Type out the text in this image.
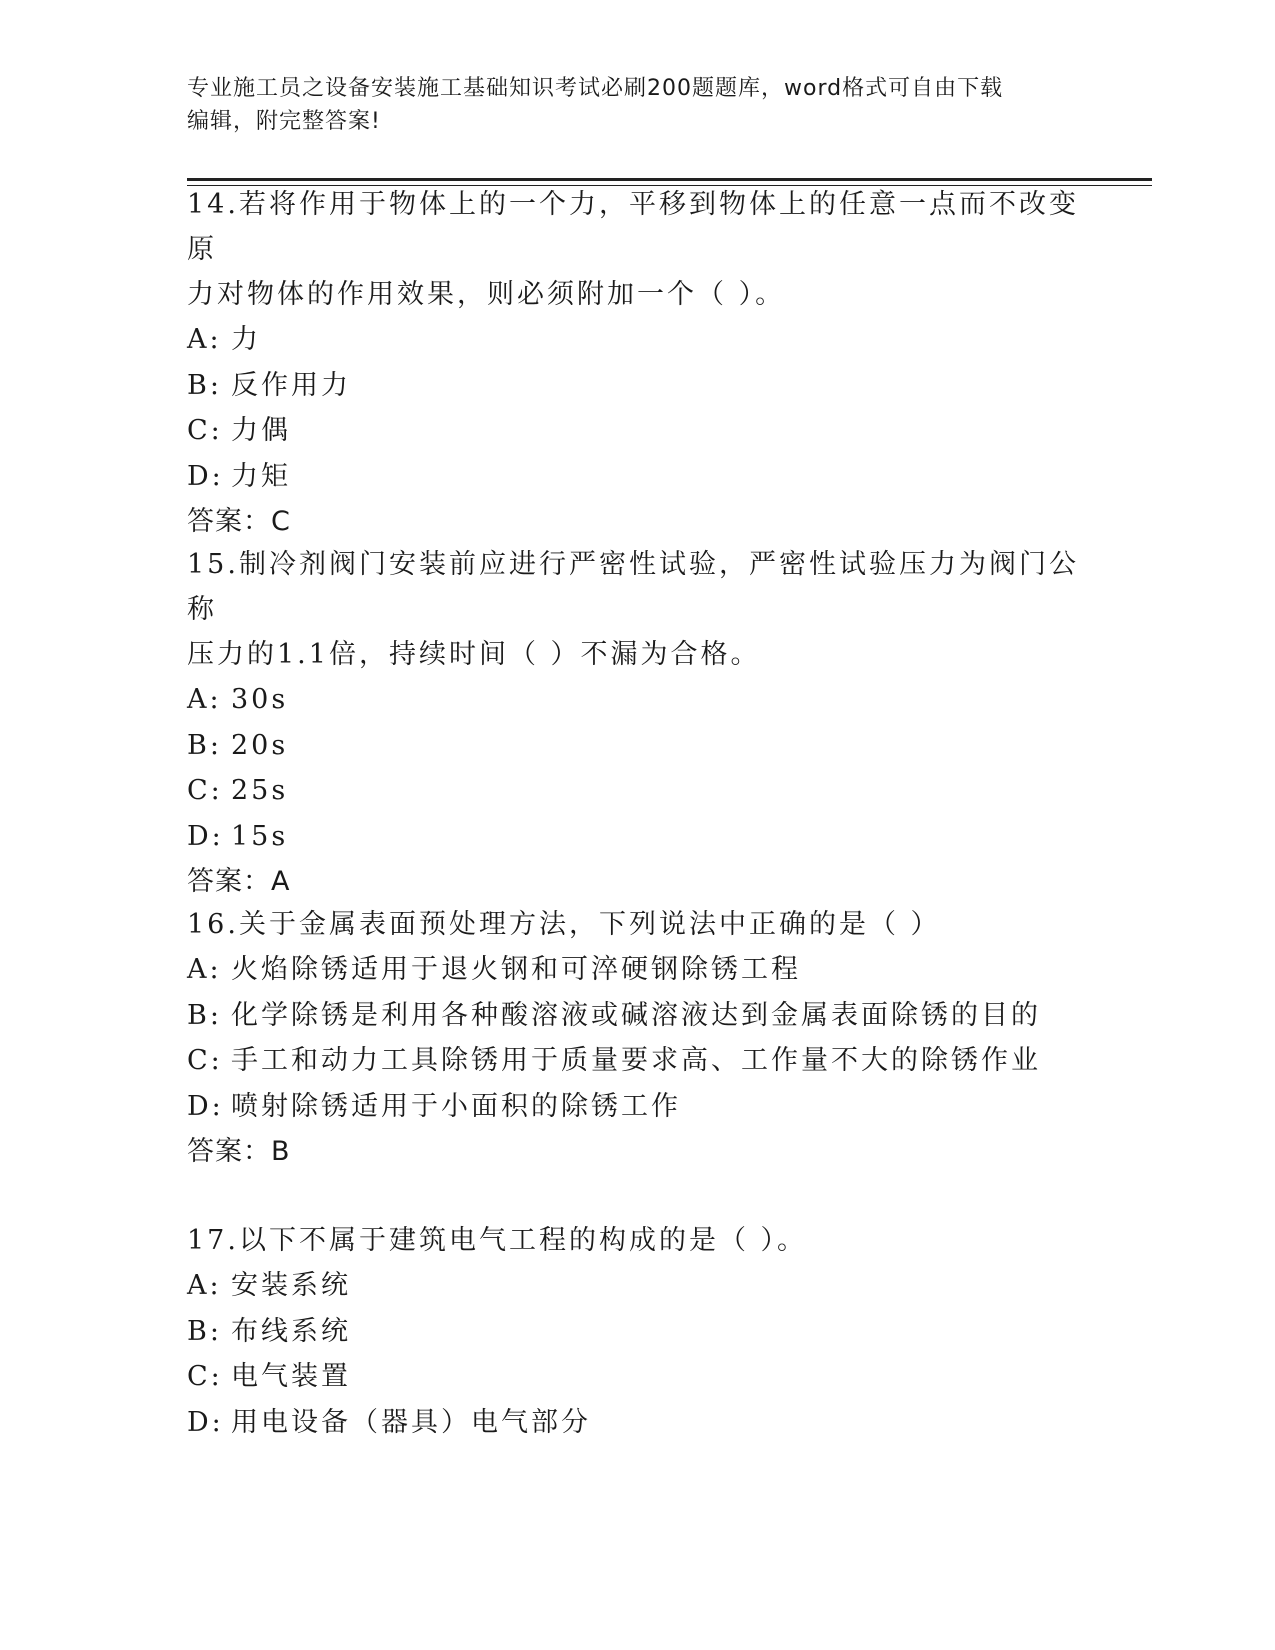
专业施工员之设备安装施工基础知识考试必刷200题题库，word格式可自由下载
编辑，附完整答案!
14.若将作用于物体上的一个力，平移到物体上的任意一点而不改变原
力对物体的作用效果，则必须附加一个（ ）。
A: 力
B: 反作用力
C: 力偶
D: 力矩
答案：C
15.制冷剂阀门安装前应进行严密性试验，严密性试验压力为阀门公称
压力的1.1倍，持续时间（ ）不漏为合格。
A: 30s
B: 20s
C: 25s
D: 15s
答案：A
16.关于金属表面预处理方法，下列说法中正确的是（ ）
A: 火焰除锈适用于退火钢和可淬硬钢除锈工程
B: 化学除锈是利用各种酸溶液或碱溶液达到金属表面除锈的目的
C: 手工和动力工具除锈用于质量要求高、工作量不大的除锈作业
D: 喷射除锈适用于小面积的除锈工作
答案：B
17.以下不属于建筑电气工程的构成的是（ ）。
A: 安装系统
B: 布线系统
C: 电气装置
D: 用电设备（器具）电气部分
